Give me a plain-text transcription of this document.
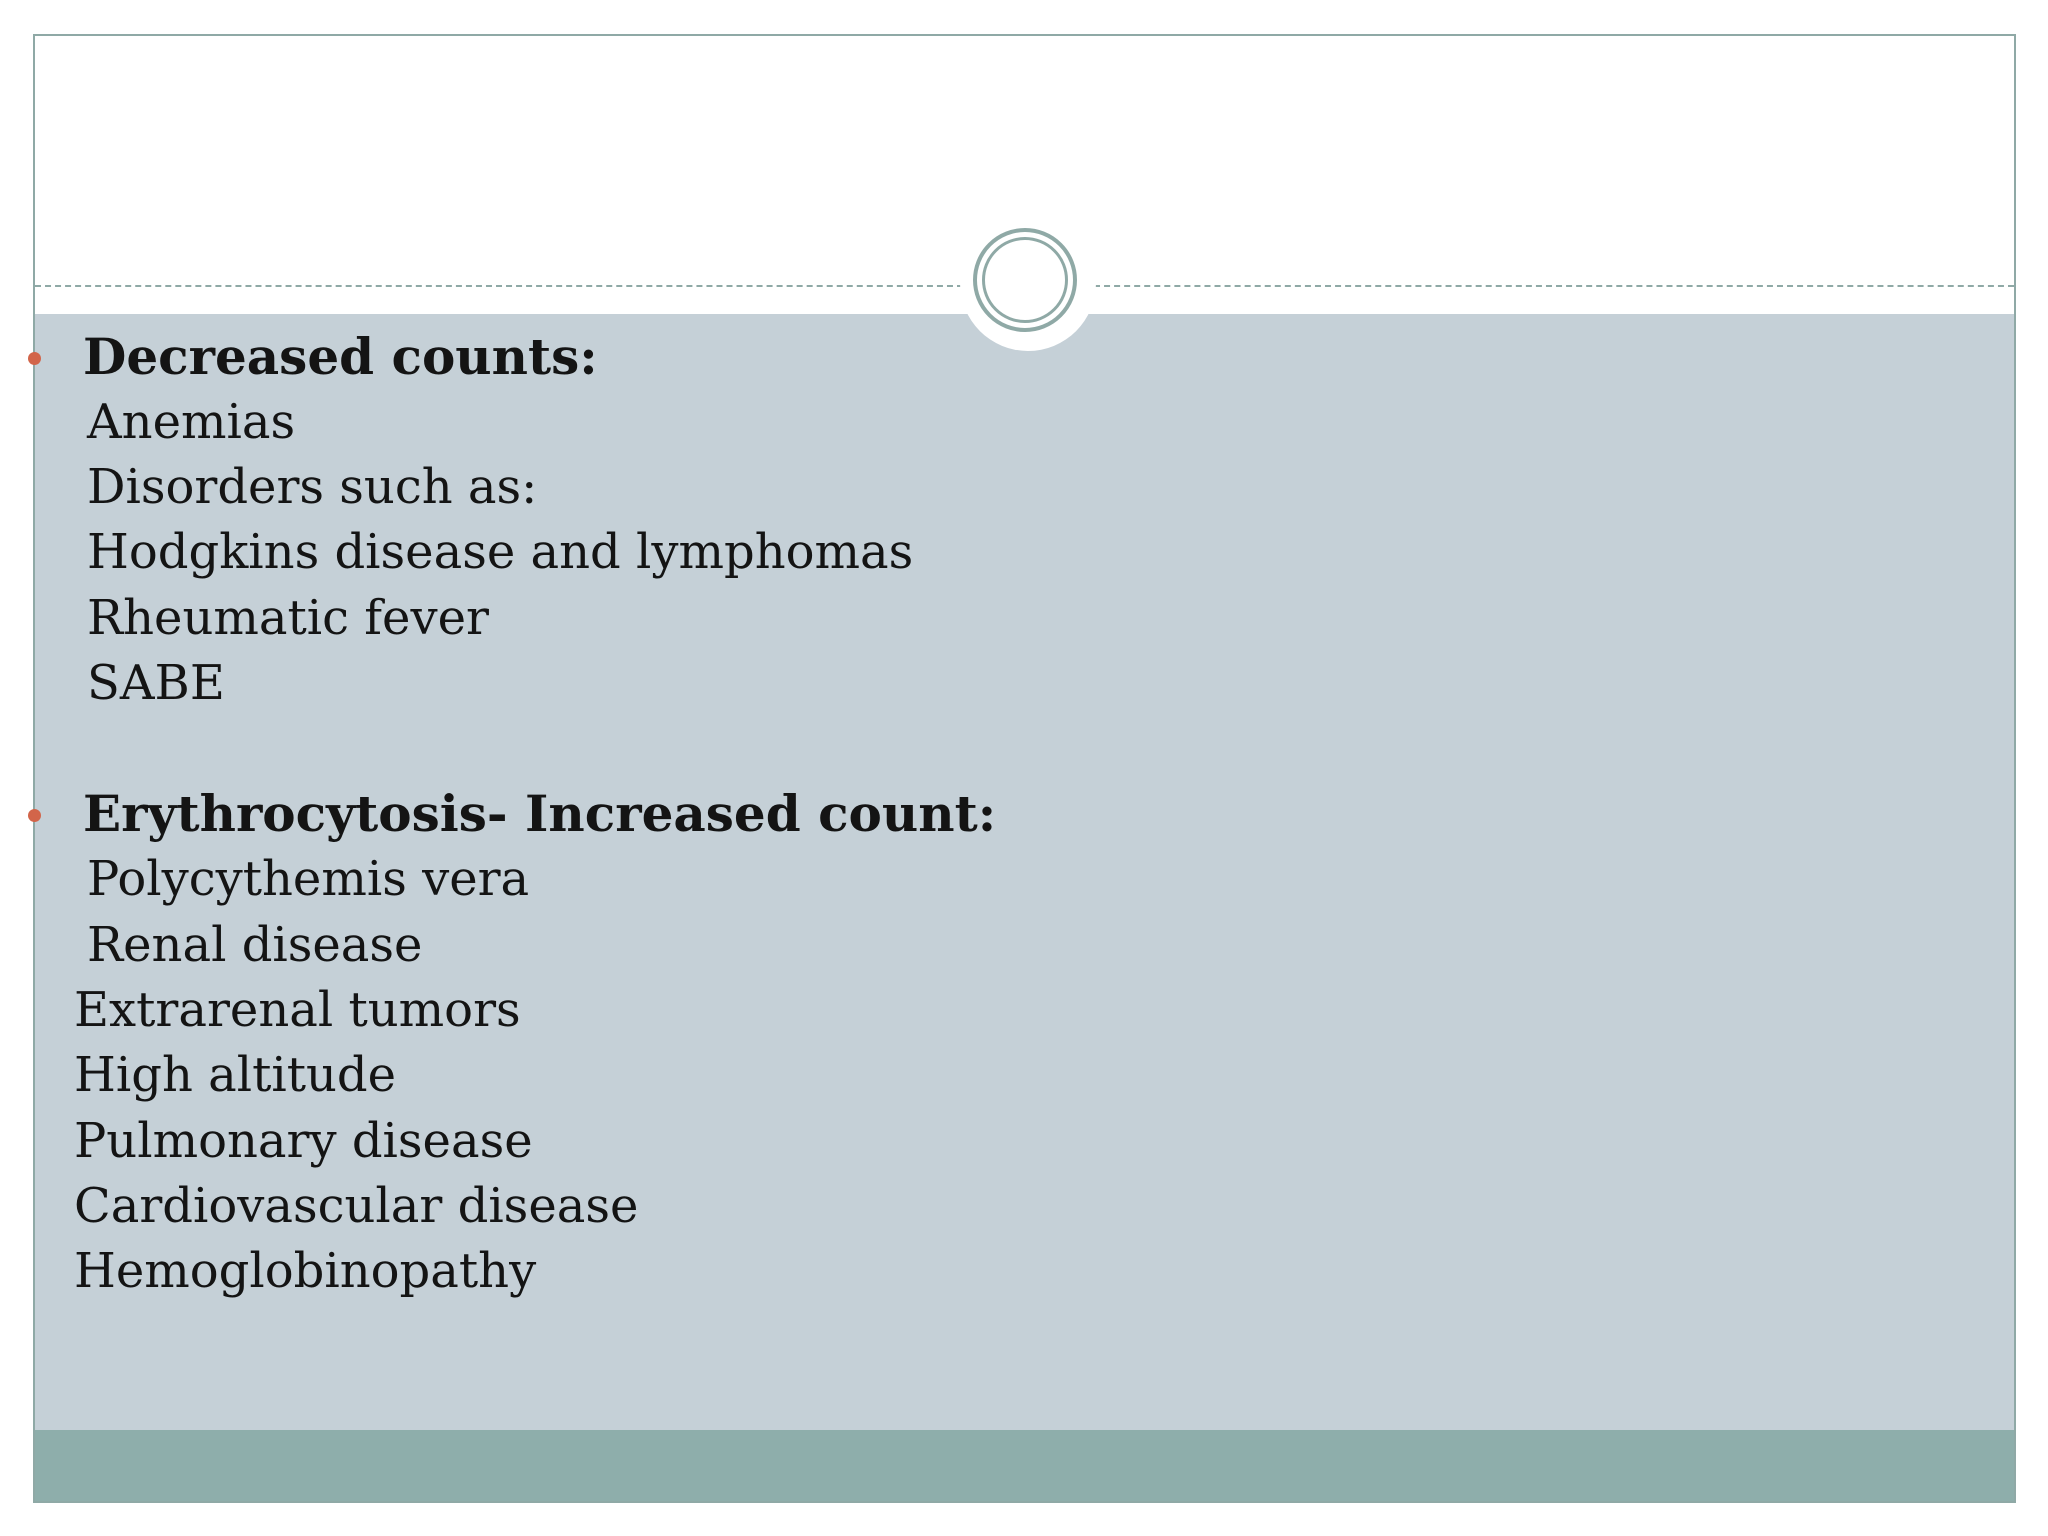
Decreased counts:
Anemias
Disorders such as:
Hodgkins disease and lymphomas
Rheumatic fever
SABE
Erythrocytosis- Increased count:
Polycythemis vera
Renal disease
Extrarenal tumors
High altitude
Pulmonary disease
Cardiovascular disease
Hemoglobinopathy
